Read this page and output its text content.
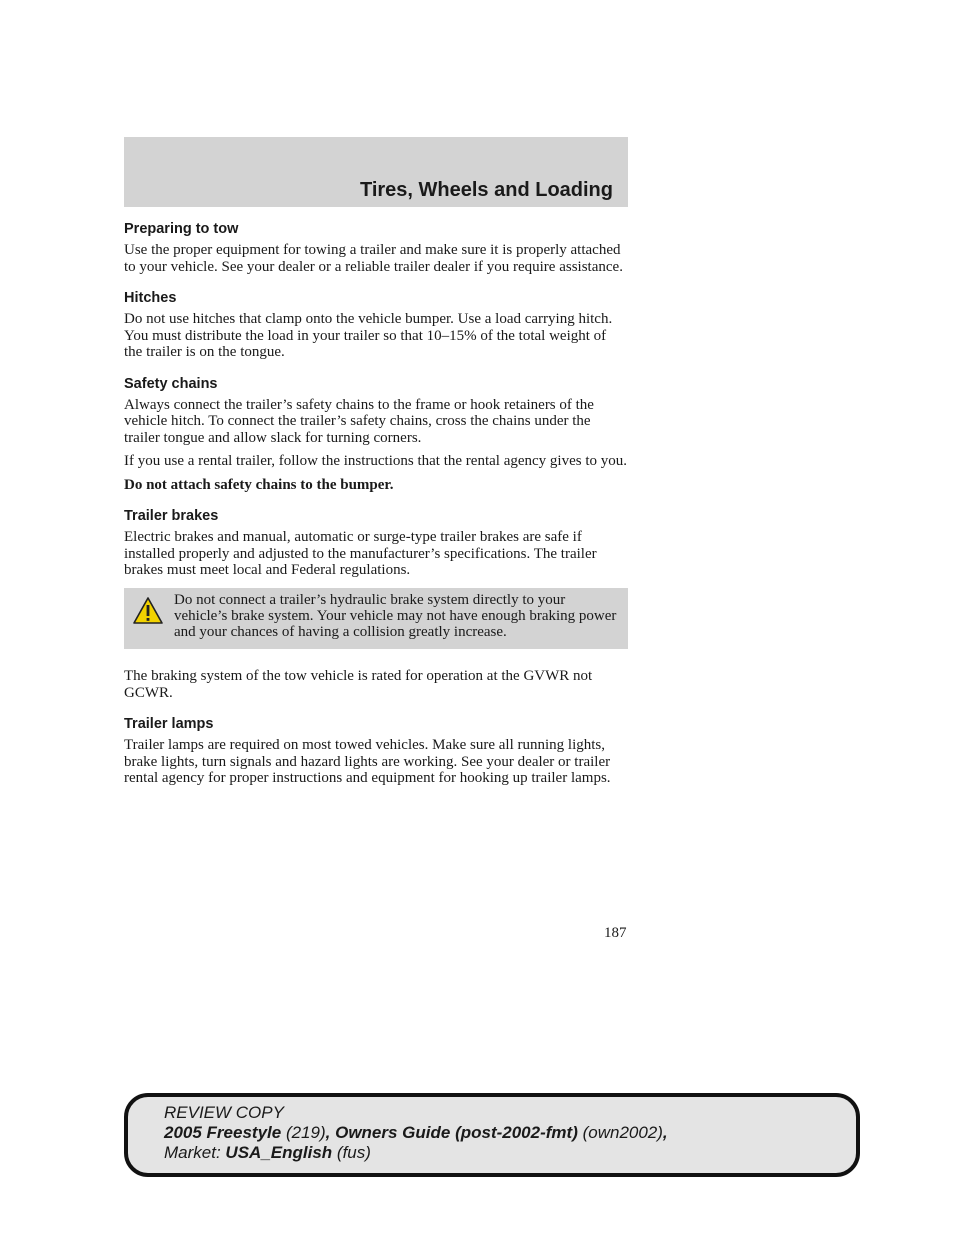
Tires, Wheels and Loading
Preparing to tow

Use the proper equipment for towing a trailer and make sure it is properly attached to your vehicle. See your dealer or a reliable trailer dealer if you require assistance.

Hitches

Do not use hitches that clamp onto the vehicle bumper. Use a load carrying hitch. You must distribute the load in your trailer so that 10–15% of the total weight of the trailer is on the tongue.

Safety chains

Always connect the trailer’s safety chains to the frame or hook retainers of the vehicle hitch. To connect the trailer’s safety chains, cross the chains under the trailer tongue and allow slack for turning corners.

If you use a rental trailer, follow the instructions that the rental agency gives to you.

Do not attach safety chains to the bumper.

Trailer brakes

Electric brakes and manual, automatic or surge-type trailer brakes are safe if installed properly and adjusted to the manufacturer’s specifications. The trailer brakes must meet local and Federal regulations.

Do not connect a trailer’s hydraulic brake system directly to your vehicle’s brake system. Your vehicle may not have enough braking power and your chances of having a collision greatly increase.

The braking system of the tow vehicle is rated for operation at the GVWR not GCWR.

Trailer lamps

Trailer lamps are required on most towed vehicles. Make sure all running lights, brake lights, turn signals and hazard lights are working. See your dealer or trailer rental agency for proper instructions and equipment for hooking up trailer lamps.

187
REVIEW COPY
2005 Freestyle (219), Owners Guide (post-2002-fmt) (own2002),
Market: USA_English (fus)
